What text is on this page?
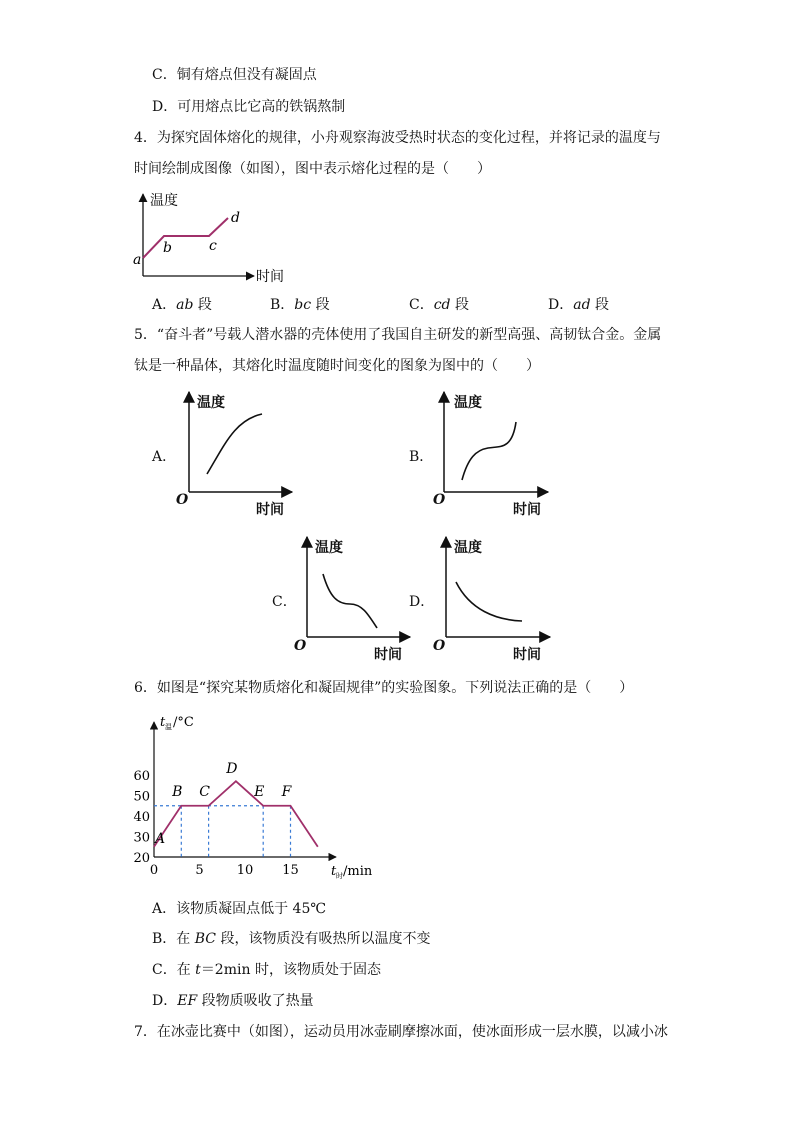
C．铜有熔点但没有凝固点
D．可用熔点比它高的铁锅熬制
4．为探究固体熔化的规律，小舟观察海波受热时状态的变化过程，并将记录的温度与
时间绘制成图像（如图），图中表示熔化过程的是（　　）
温度
时间
a
b	c
d
A．ab 段	B．bc 段	C．cd 段	D．ad 段
5．“奋斗者”号载人潜水器的壳体使用了我国自主研发的新型高强、高韧钛合金。金属
钛是一种晶体，其熔化时温度随时间变化的图象为图中的（　　）
A．
温度
时间
O
B．
温度
时间
O
C．
温度
时间
O
D．
温度
时间
O
6．如图是“探究某物质熔化和凝固规律”的实验图象。下列说法正确的是（　　）
t 温 /°C
t 时 /min
20
30
40
50
60
0	5	10 15
A
B C
D
E F
A．该物质凝固点低于 45℃
B．在 BC 段，该物质没有吸热所以温度不变
C．在 t＝2min 时，该物质处于固态
D．EF 段物质吸收了热量
7．在冰壶比赛中（如图），运动员用冰壶刷摩擦冰面，使冰面形成一层水膜，以减小冰
